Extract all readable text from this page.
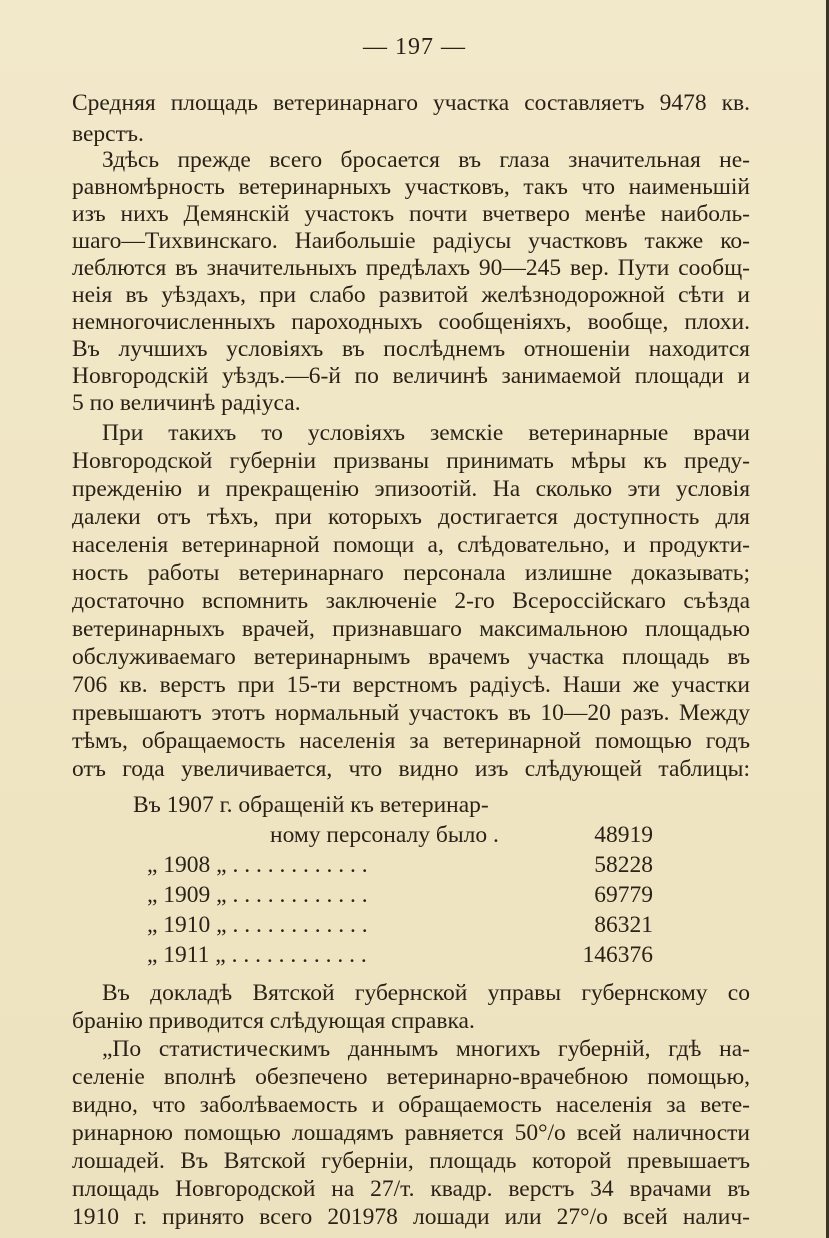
— 197 —
Средняя площадь ветеринарнаго участка составляетъ 9478 кв.
верстъ.
Здѣсь прежде всего бросается въ глаза значительная не-
равномѣрность ветеринарныхъ участковъ, такъ что наименьшій
изъ нихъ Демянскій участокъ почти вчетверо менѣе наиболь-
шаго—Тихвинскаго. Наибольшіе радіусы участковъ также ко-
леблются въ значительныхъ предѣлахъ 90—245 вер. Пути сообщ-
нeія въ уѣздахъ, при слабо развитой желѣзнодорожной сѣти и
немногочисленныхъ пароходныхъ сообщеніяхъ, вообще, плохи.
Въ лучшихъ условіяхъ въ послѣднемъ отношеніи находится
Новгородскій уѣздъ.—6-й по величинѣ занимаемой площади и
5 по величинѣ радіуса.
При такихъ то условіяхъ земскіе ветеринарные врачи
Новгородской губерніи призваны принимать мѣры къ преду-
прежденію и прекращенію эпизоотій. На сколько эти условія
далеки отъ тѣхъ, при которыхъ достигается доступность для
населенія ветеринарной помощи а, слѣдовательно, и продукти-
ность работы ветеринарнаго персонала излишне доказывать;
достаточно вспомнить заключеніе 2-го Всероссійскаго съѣзда
ветеринарныхъ врачей, признавшаго максимальною площадью
обслуживаемаго ветеринарнымъ врачемъ участка площадь въ
706 кв. верстъ при 15-ти верстномъ радіусѣ. Наши же участки
превышаютъ этотъ нормальный участокъ въ 10—20 разъ. Между
тѣмъ, обращаемость населенія за ветеринарной помощью годъ
отъ года увеличивается, что видно изъ слѣдующей таблицы:
Въ 1907 г. обращеній къ ветеринар-
ному персоналу было .	48919
„ 1908 „ . . . . . . . . . . . .	58228
„ 1909 „ . . . . . . . . . . . .	69779
„ 1910 „ . . . . . . . . . . . .	86321
„ 1911 „ . . . . . . . . . . . .	146376
Въ докладѣ Вятской губернской управы губернскому со
бранію приводится слѣдующая справка.
„По статистическимъ даннымъ многихъ губерній, гдѣ на-
селеніе вполнѣ обезпечено ветеринарно-врачебною помощью,
видно, что заболѣваемость и обращаемость населенія за вете-
ринарною помощью лошадямъ равняется 50°/о всей наличности
лошадей. Въ Вятской губерніи, площадь которой превышаетъ
площадь Новгородской на 27/т. квадр. верстъ 34 врачами въ
1910 г. принято всего 201978 лошади или 27°/о всей налич-
